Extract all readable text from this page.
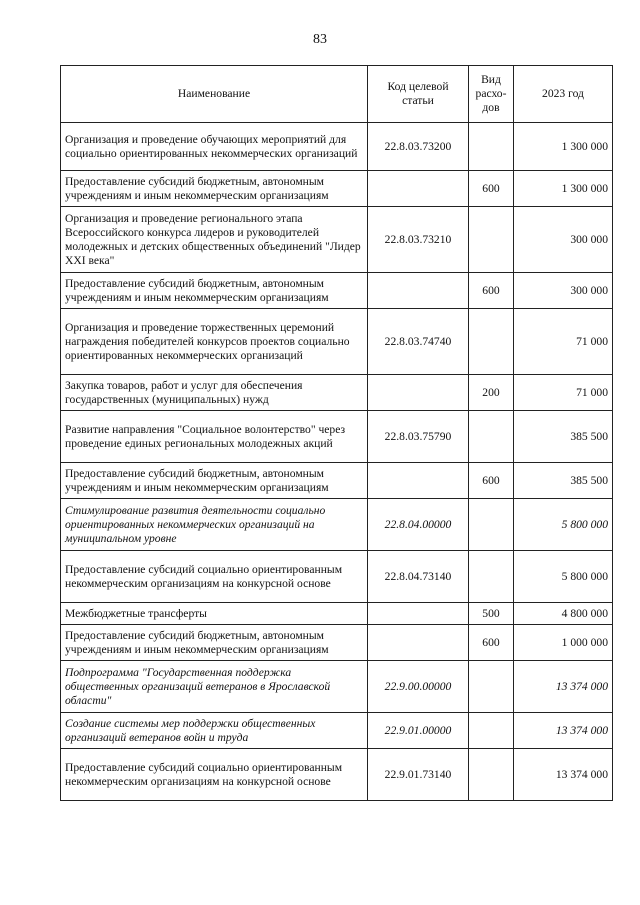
83
Наименование	Код целевой статьи	Вид расхо-дов	2023 год
Организация и проведение обучающих мероприятий для социально ориентированных некоммерческих организаций	22.8.03.73200		1 300 000
Предоставление субсидий бюджетным, автономным учреждениям и иным некоммерческим организациям		600	1 300 000
Организация и проведение регионального этапа Всероссийского конкурса лидеров и руководителей молодежных и детских общественных объединений "Лидер XXI века"	22.8.03.73210		300 000
Предоставление субсидий бюджетным, автономным учреждениям и иным некоммерческим организациям		600	300 000
Организация и проведение торжественных церемоний награждения победителей конкурсов проектов социально ориентированных некоммерческих организаций	22.8.03.74740		71 000
Закупка товаров, работ и услуг для обеспечения государственных (муниципальных) нужд		200	71 000
Развитие направления "Социальное волонтерство" через проведение единых региональных молодежных акций	22.8.03.75790		385 500
Предоставление субсидий бюджетным, автономным учреждениям и иным некоммерческим организациям		600	385 500
Стимулирование развития деятельности социально ориентированных некоммерческих организаций на муниципальном уровне	22.8.04.00000		5 800 000
Предоставление субсидий социально ориентированным некоммерческим организациям на конкурсной основе	22.8.04.73140		5 800 000
Межбюджетные трансферты		500	4 800 000
Предоставление субсидий бюджетным, автономным учреждениям и иным некоммерческим организациям		600	1 000 000
Подпрограмма "Государственная поддержка общественных организаций ветеранов в Ярославской области"	22.9.00.00000		13 374 000
Создание системы мер поддержки общественных организаций ветеранов войн и труда	22.9.01.00000		13 374 000
Предоставление субсидий социально ориентированным некоммерческим организациям на конкурсной основе	22.9.01.73140		13 374 000
